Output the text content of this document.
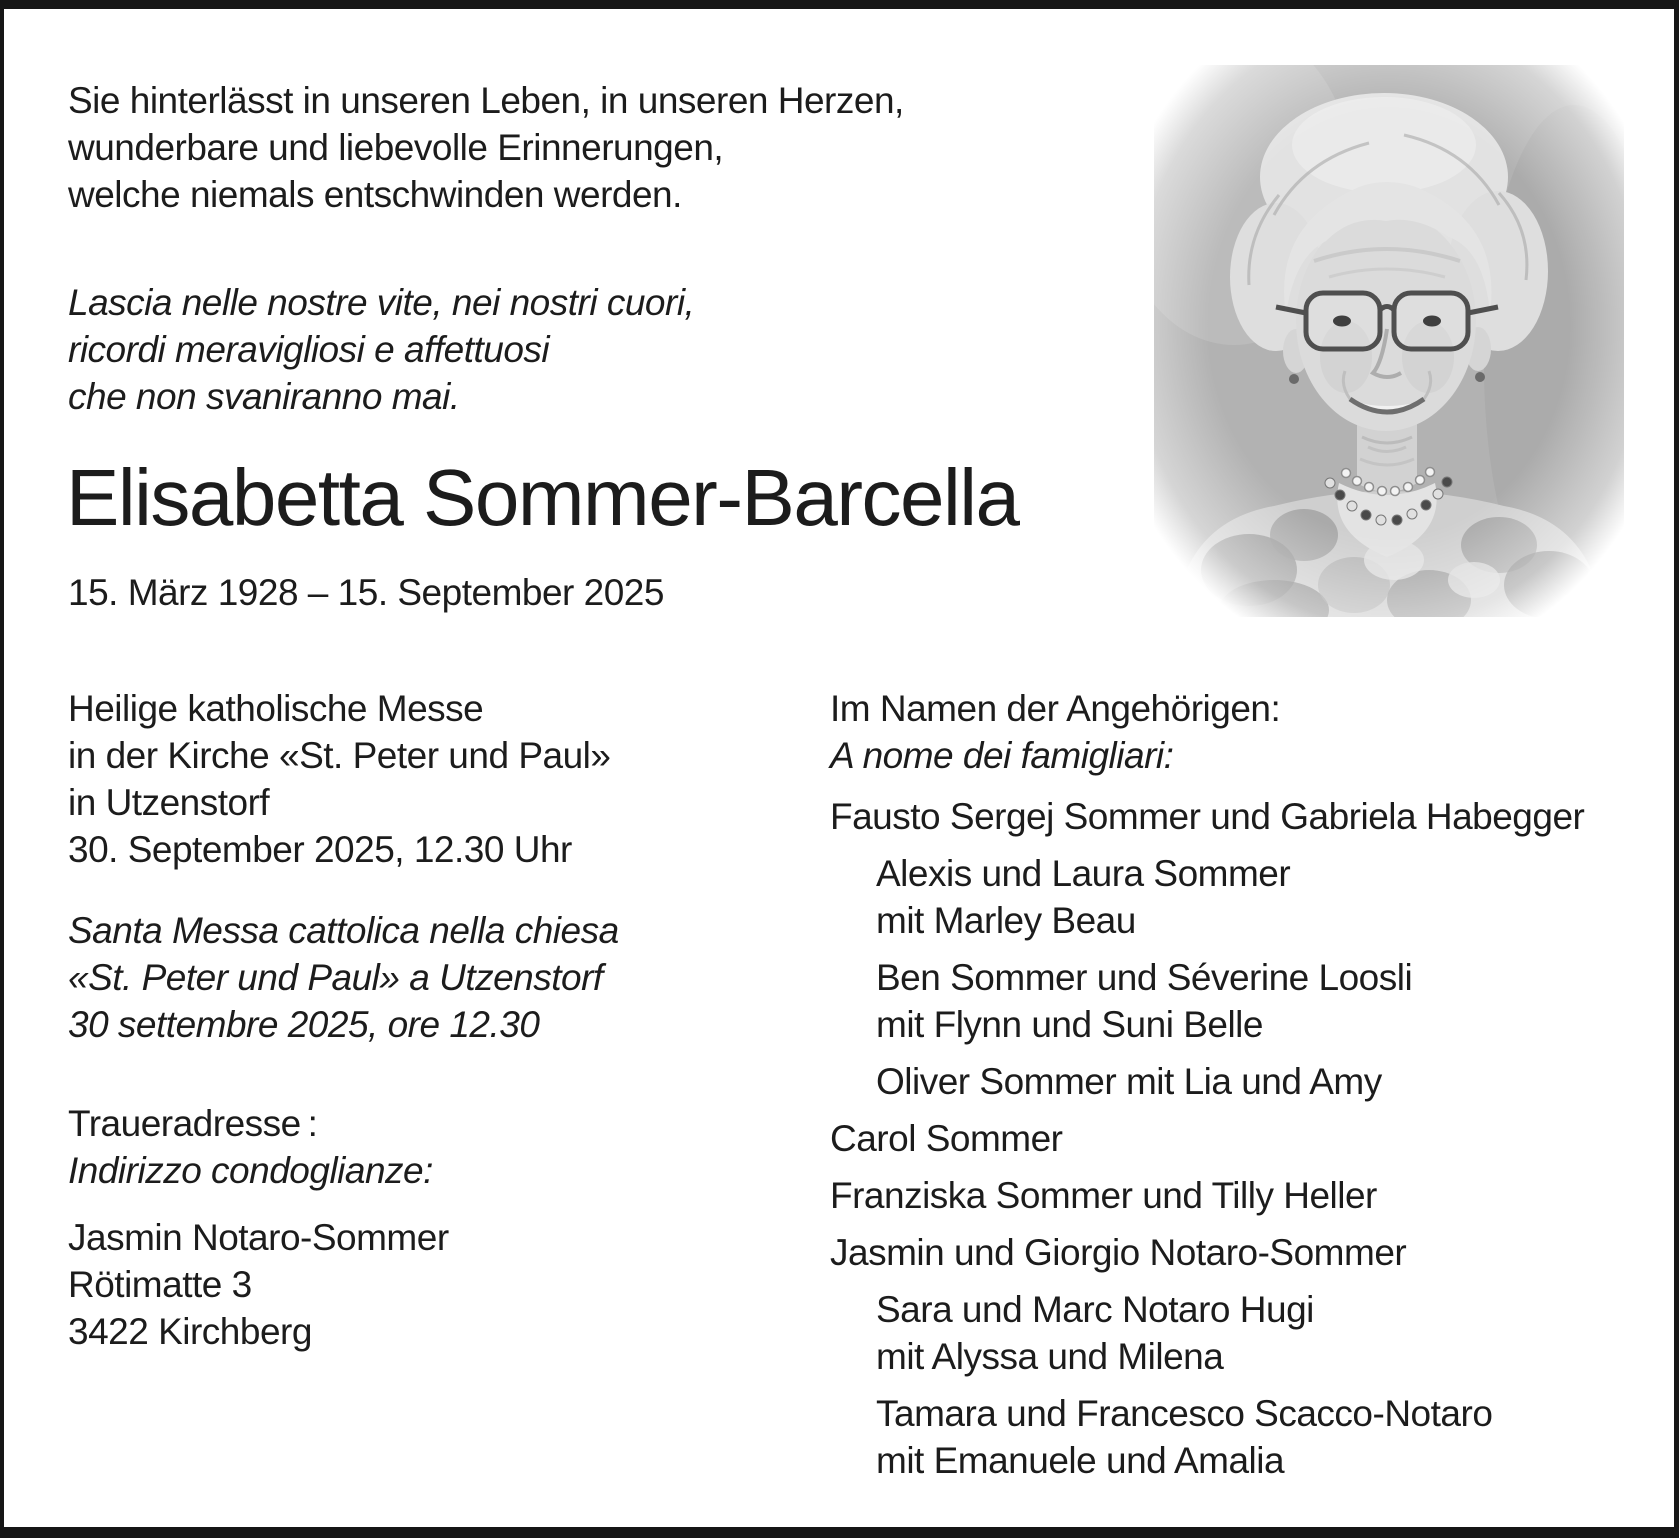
Sie hinterlässt in unseren Leben, in unseren Herzen,
wunderbare und liebevolle Erinnerungen,
welche niemals entschwinden werden.
Lascia nelle nostre vite, nei nostri cuori,
ricordi meravigliosi e affettuosi
che non svaniranno mai.
Elisabetta Sommer-Barcella
15. März 1928 – 15. September 2025
Heilige katholische Messe
in der Kirche «St. Peter und Paul»
in Utzenstorf
30. September 2025, 12.30 Uhr
Santa Messa cattolica nella chiesa
«St. Peter und Paul» a Utzenstorf
30 settembre 2025, ore 12.30
Traueradresse :
Indirizzo condoglianze:
Jasmin Notaro-Sommer
Rötimatte 3
3422 Kirchberg
Im Namen der Angehörigen:
A nome dei famigliari:
Fausto Sergej Sommer und Gabriela Habegger
Alexis und Laura Sommer
mit Marley Beau
Ben Sommer und Séverine Loosli
mit Flynn und Suni Belle
Oliver Sommer mit Lia und Amy
Carol Sommer
Franziska Sommer und Tilly Heller
Jasmin und Giorgio Notaro-Sommer
Sara und Marc Notaro Hugi
mit Alyssa und Milena
Tamara und Francesco Scacco-Notaro
mit Emanuele und Amalia
